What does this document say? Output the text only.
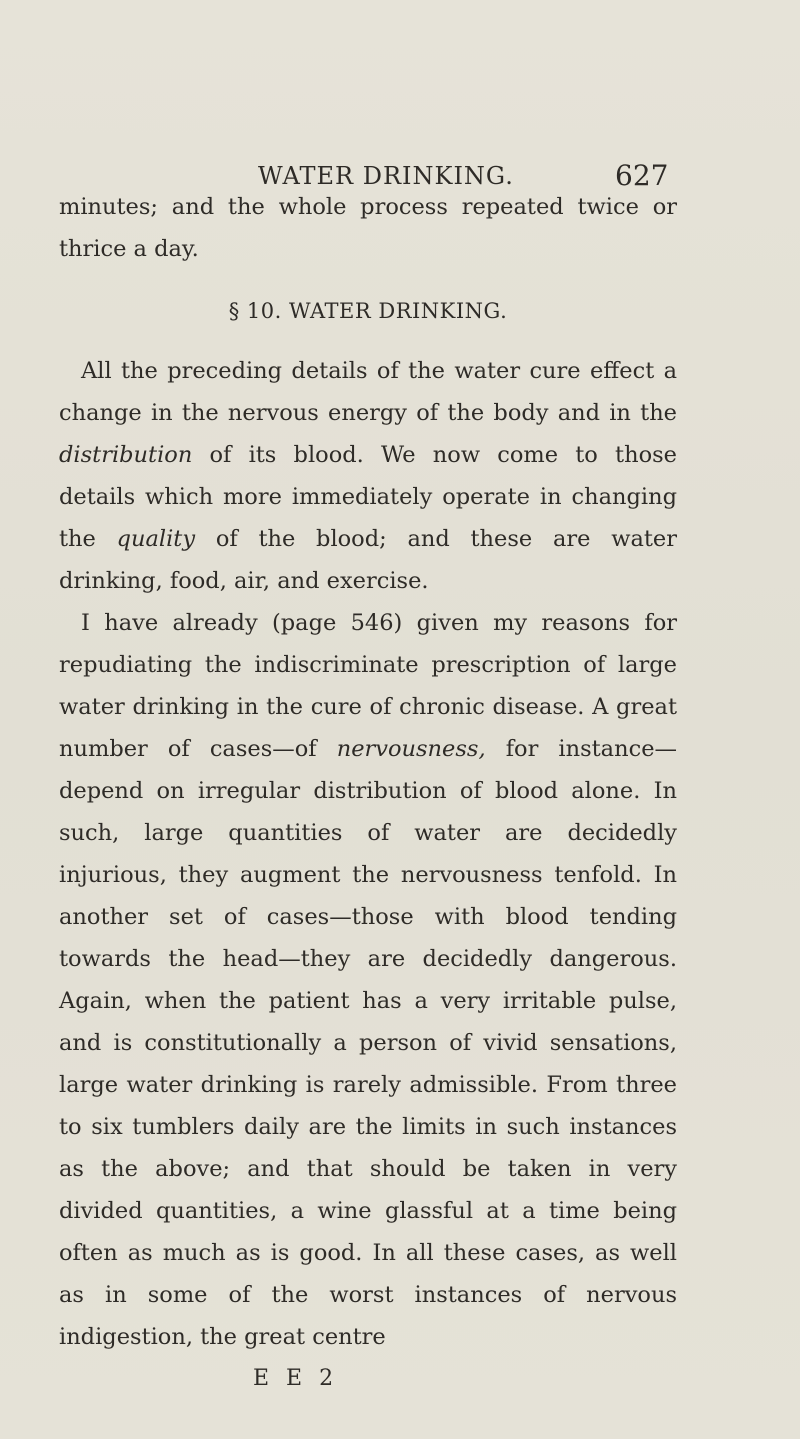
WATER DRINKING.	627

minutes; and the whole process repeated twice or thrice a day.

§ 10. WATER DRINKING.

All the preceding details of the water cure effect a change in the nervous energy of the body and in the distribution of its blood. We now come to those details which more immediately operate in changing the quality of the blood; and these are water drinking, food, air, and exercise.

I have already (page 546) given my reasons for repudiating the indiscriminate prescription of large water drinking in the cure of chronic disease. A great number of cases—of nervousness, for instance—depend on irregular distribution of blood alone. In such, large quantities of water are decidedly injurious, they augment the nervousness tenfold. In another set of cases—those with blood tending towards the head—they are decidedly dangerous. Again, when the patient has a very irritable pulse, and is constitutionally a person of vivid sensations, large water drinking is rarely admissible. From three to six tumblers daily are the limits in such instances as the above; and that should be taken in very divided quantities, a wine glassful at a time being often as much as is good. In all these cases, as well as in some of the worst instances of nervous indigestion, the great centre

E E 2
